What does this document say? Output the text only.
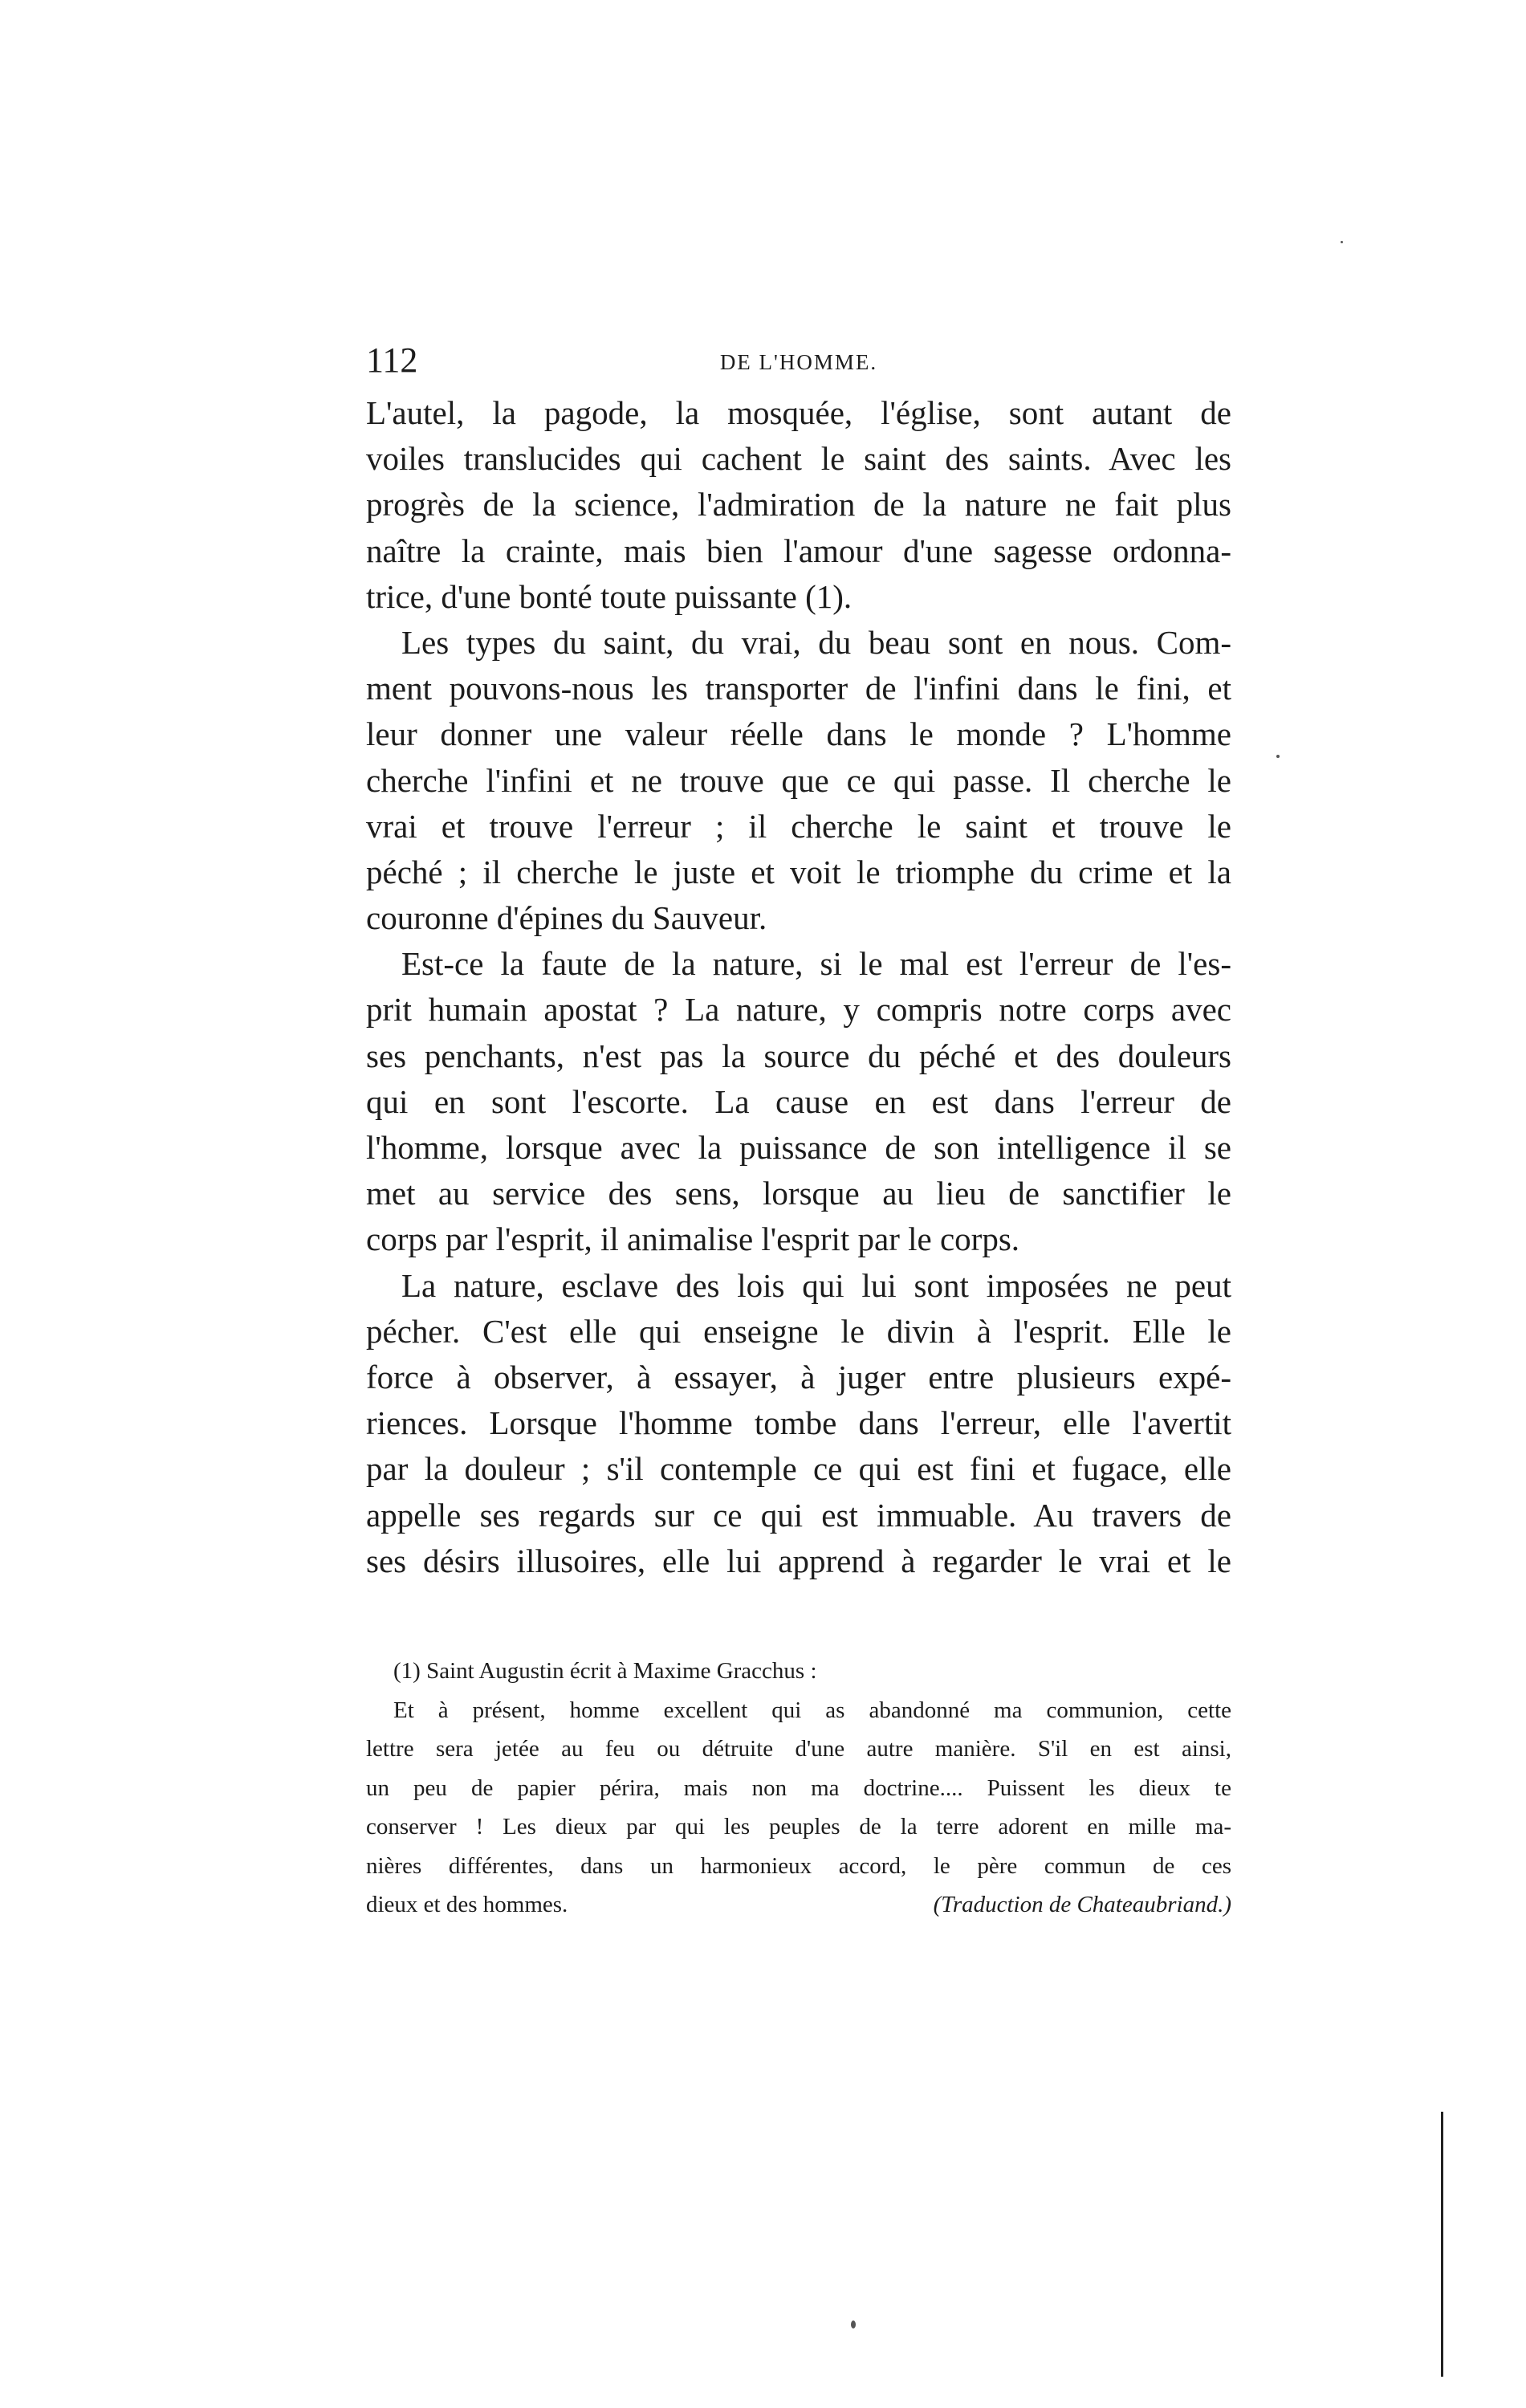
112	DE L'HOMME.
L'autel, la pagode, la mosquée, l'église, sont autant de
voiles translucides qui cachent le saint des saints. Avec les
progrès de la science, l'admiration de la nature ne fait plus
naître la crainte, mais bien l'amour d'une sagesse ordonna-
trice, d'une bonté toute puissante (1).
Les types du saint, du vrai, du beau sont en nous. Com-
ment pouvons-nous les transporter de l'infini dans le fini, et
leur donner une valeur réelle dans le monde ? L'homme
cherche l'infini et ne trouve que ce qui passe. Il cherche le
vrai et trouve l'erreur ; il cherche le saint et trouve le
péché ; il cherche le juste et voit le triomphe du crime et la
couronne d'épines du Sauveur.
Est-ce la faute de la nature, si le mal est l'erreur de l'es-
prit humain apostat ? La nature, y compris notre corps avec
ses penchants, n'est pas la source du péché et des douleurs
qui en sont l'escorte. La cause en est dans l'erreur de
l'homme, lorsque avec la puissance de son intelligence il se
met au service des sens, lorsque au lieu de sanctifier le
corps par l'esprit, il animalise l'esprit par le corps.
La nature, esclave des lois qui lui sont imposées ne peut
pécher. C'est elle qui enseigne le divin à l'esprit. Elle le
force à observer, à essayer, à juger entre plusieurs expé-
riences. Lorsque l'homme tombe dans l'erreur, elle l'avertit
par la douleur ; s'il contemple ce qui est fini et fugace, elle
appelle ses regards sur ce qui est immuable. Au travers de
ses désirs illusoires, elle lui apprend à regarder le vrai et le
(1) Saint Augustin écrit à Maxime Gracchus :
Et à présent, homme excellent qui as abandonné ma communion, cette
lettre sera jetée au feu ou détruite d'une autre manière. S'il en est ainsi,
un peu de papier périra, mais non ma doctrine.... Puissent les dieux te
conserver ! Les dieux par qui les peuples de la terre adorent en mille ma-
nières différentes, dans un harmonieux accord, le père commun de ces
dieux et des hommes.	(Traduction de Chateaubriand.)
